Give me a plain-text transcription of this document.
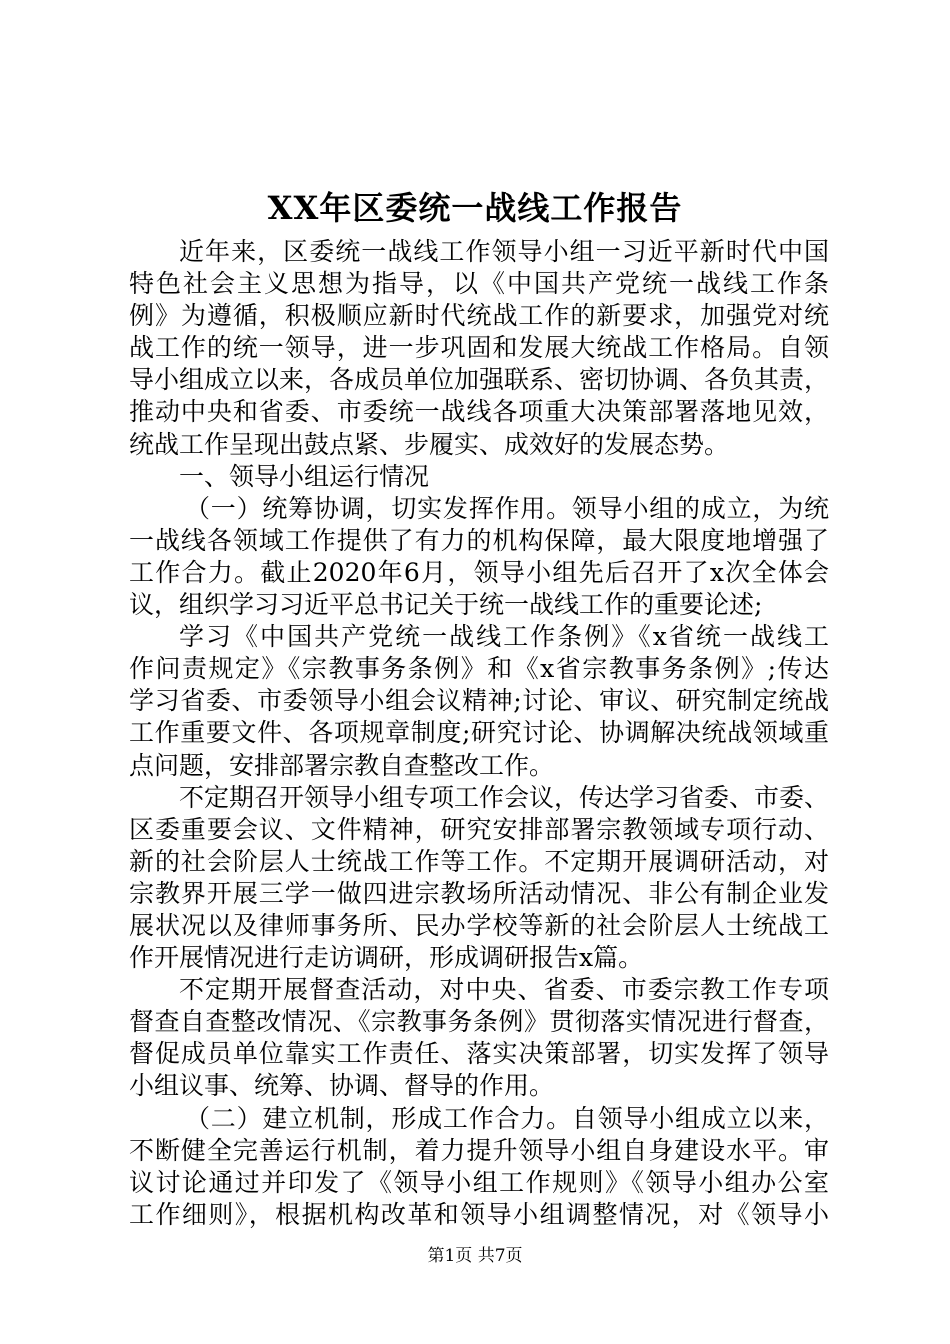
XX年区委统一战线工作报告
近年来，区委统一战线工作领导小组一习近平新时代中国
特色社会主义思想为指导，以《中国共产党统一战线工作条
例》为遵循，积极顺应新时代统战工作的新要求，加强党对统
战工作的统一领导，进一步巩固和发展大统战工作格局。自领
导小组成立以来，各成员单位加强联系、密切协调、各负其责，
推动中央和省委、市委统一战线各项重大决策部署落地见效，
统战工作呈现出鼓点紧、步履实、成效好的发展态势。
一、领导小组运行情况
（一）统筹协调，切实发挥作用。领导小组的成立，为统
一战线各领域工作提供了有力的机构保障，最大限度地增强了
工作合力。截止2020年6月，领导小组先后召开了x次全体会
议，组织学习习近平总书记关于统一战线工作的重要论述;
学习《中国共产党统一战线工作条例》《x省统一战线工
作问责规定》《宗教事务条例》和《x省宗教事务条例》;传达
学习省委、市委领导小组会议精神;讨论、审议、研究制定统战
工作重要文件、各项规章制度;研究讨论、协调解决统战领域重
点问题，安排部署宗教自查整改工作。
不定期召开领导小组专项工作会议，传达学习省委、市委、
区委重要会议、文件精神，研究安排部署宗教领域专项行动、
新的社会阶层人士统战工作等工作。不定期开展调研活动，对
宗教界开展三学一做四进宗教场所活动情况、非公有制企业发
展状况以及律师事务所、民办学校等新的社会阶层人士统战工
作开展情况进行走访调研，形成调研报告x篇。
不定期开展督查活动，对中央、省委、市委宗教工作专项
督查自查整改情况、《宗教事务条例》贯彻落实情况进行督查，
督促成员单位靠实工作责任、落实决策部署，切实发挥了领导
小组议事、统筹、协调、督导的作用。
（二）建立机制，形成工作合力。自领导小组成立以来，
不断健全完善运行机制，着力提升领导小组自身建设水平。审
议讨论通过并印发了《领导小组工作规则》《领导小组办公室
工作细则》，根据机构改革和领导小组调整情况，对《领导小
第1页 共7页
